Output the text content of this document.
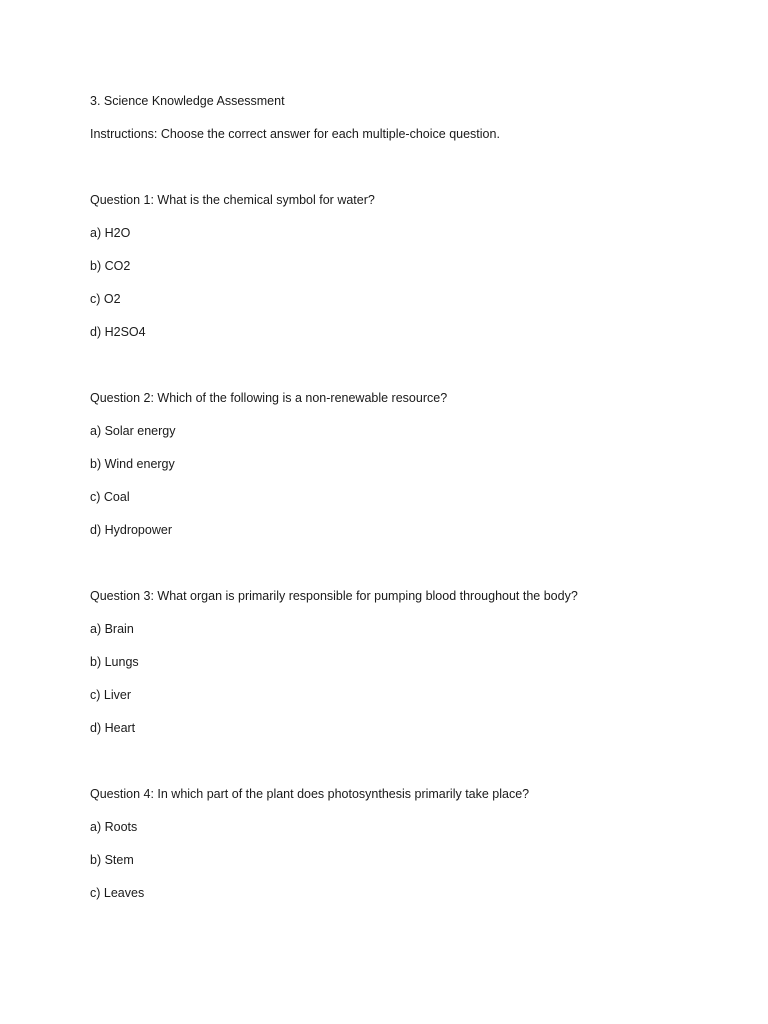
3. Science Knowledge Assessment
Instructions: Choose the correct answer for each multiple-choice question.
Question 1: What is the chemical symbol for water?
a) H2O
b) CO2
c) O2
d) H2SO4
Question 2: Which of the following is a non-renewable resource?
a) Solar energy
b) Wind energy
c) Coal
d) Hydropower
Question 3: What organ is primarily responsible for pumping blood throughout the body?
a) Brain
b) Lungs
c) Liver
d) Heart
Question 4: In which part of the plant does photosynthesis primarily take place?
a) Roots
b) Stem
c) Leaves
